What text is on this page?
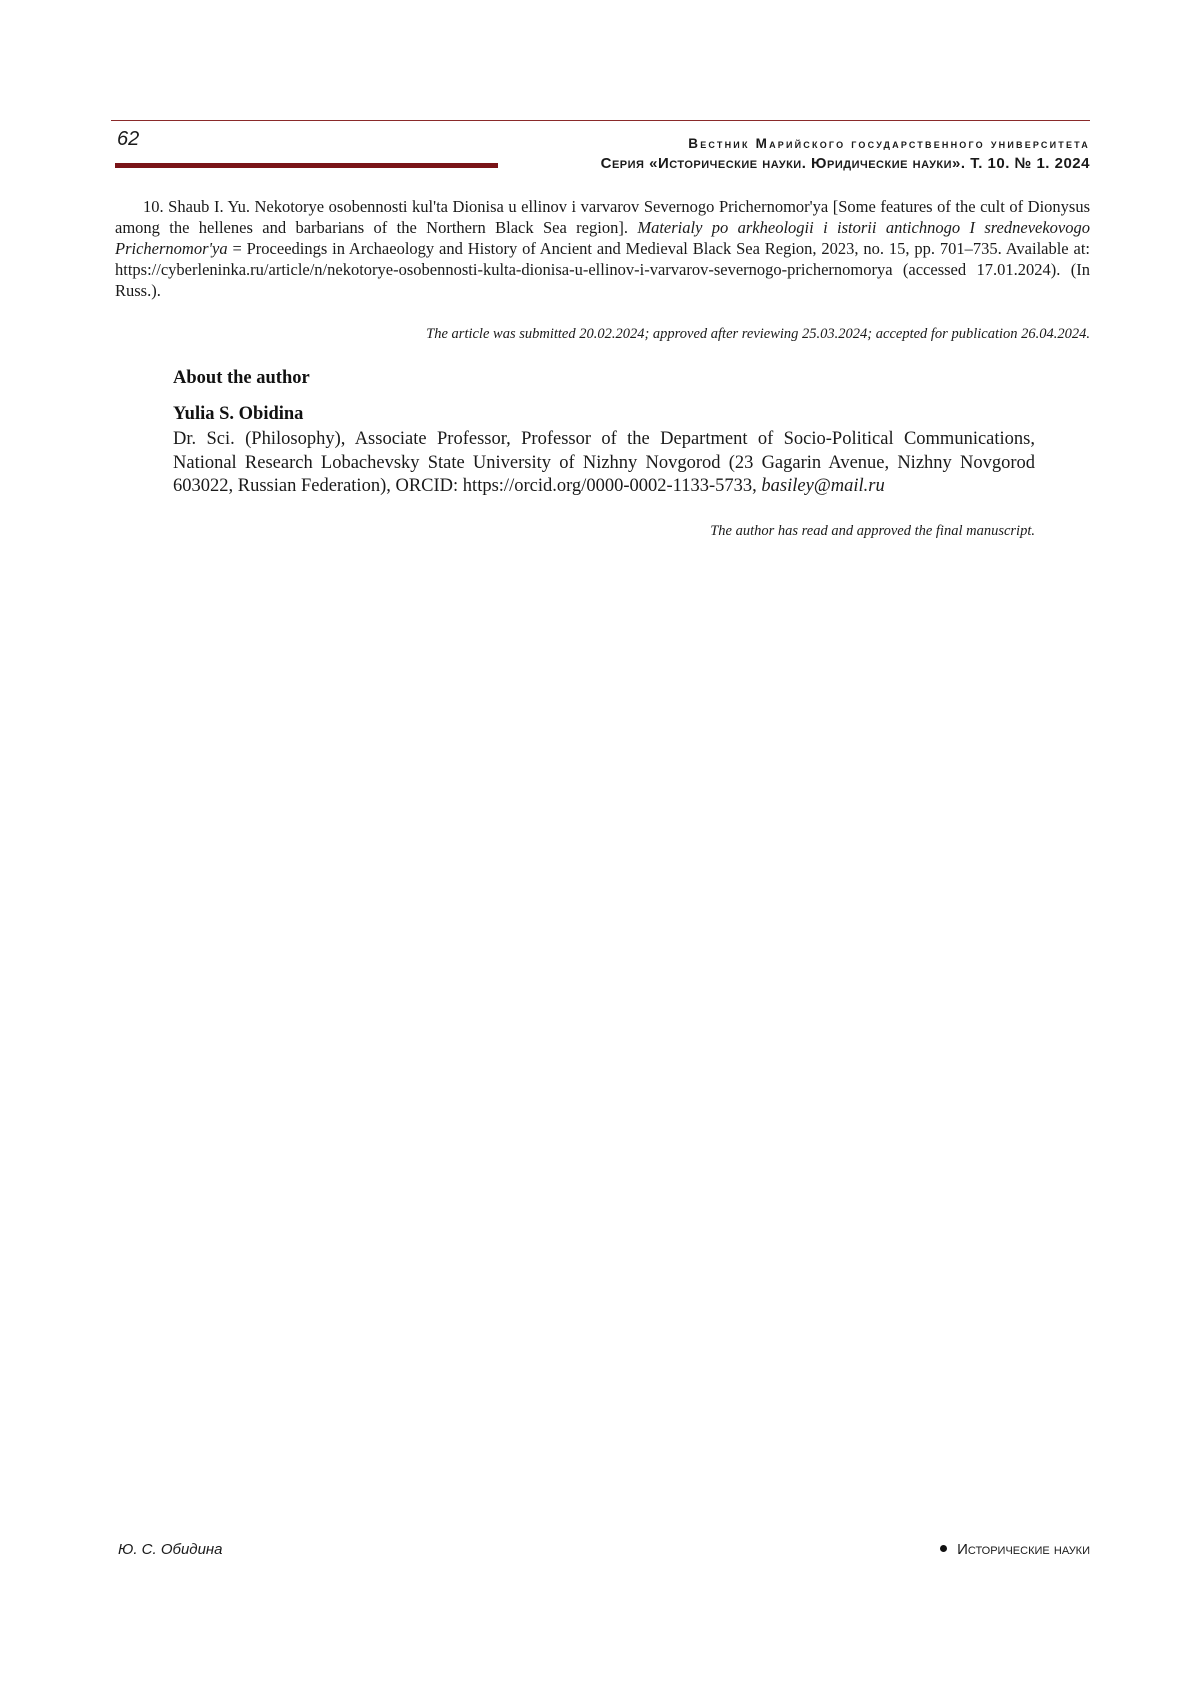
62	Вестник Марийского государственного университета
Серия «Исторические науки. Юридические науки». Т. 10. № 1. 2024
10. Shaub I. Yu. Nekotorye osobennosti kul'ta Dionisa u ellinov i varvarov Severnogo Prichernomor'ya [Some features of the cult of Dionysus among the hellenes and barbarians of the Northern Black Sea region]. Materialy po arkheologii i istorii antichnogo I srednevekovogo Prichernomor'ya = Proceedings in Archaeology and History of Ancient and Medieval Black Sea Region, 2023, no. 15, pp. 701–735. Available at: https://cyberleninka.ru/article/n/nekotorye-osobennosti-kulta-dionisa-u-ellinov-i-varvarov-severnogo-prichernomorya (accessed 17.01.2024). (In Russ.).
The article was submitted 20.02.2024; approved after reviewing 25.03.2024; accepted for publication 26.04.2024.
About the author
Yulia S. Obidina
Dr. Sci. (Philosophy), Associate Professor, Professor of the Department of Socio-Political Communications, National Research Lobachevsky State University of Nizhny Novgorod (23 Gagarin Avenue, Nizhny Novgorod 603022, Russian Federation), ORCID: https://orcid.org/0000-0002-1133-5733, basiley@mail.ru
The author has read and approved the final manuscript.
Ю. С. Обидина	Исторические науки
